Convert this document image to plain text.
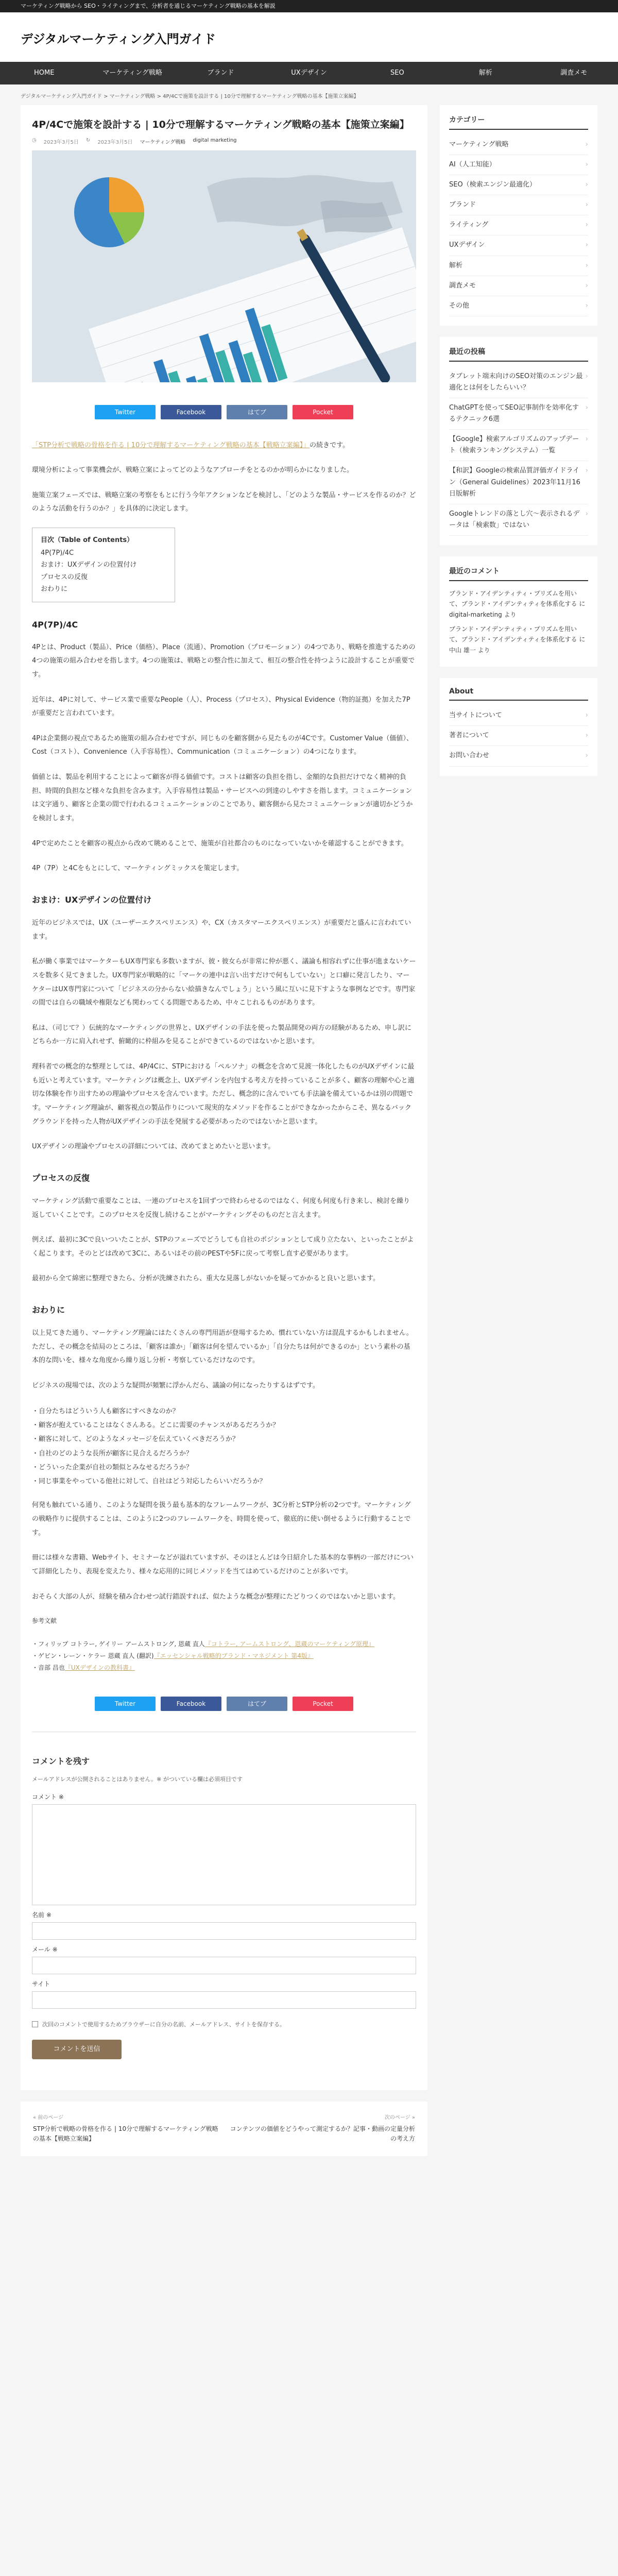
マーケティング戦略から SEO・ライティングまで、分析者を通じるマーケティング戦略の基本を解説
デジタルマーケティング入門ガイド
HOME	マーケティング戦略	ブランド	UXデザイン	SEO	解析	調査メモ
デジタルマーケティング入門ガイド > マーケティング戦略 > 4P/4Cで施策を設計する | 10分で理解するマーケティング戦略の基本【施策立案編】
4P/4Cで施策を設計する | 10分で理解するマーケティング戦略の基本【施策立案編】
◷ 2023年3月5日 ↻ 2023年3月5日 マーケティング戦略 digital marketing
Twitter	Facebook	はてブ	Pocket

「STP分析で戦略の骨格を作る | 10分で理解するマーケティング戦略の基本【戦略立案編】」の続きです。

環境分析によって事業機会が、戦略立案によってどのようなアプローチをとるのかが明らかになりました。

施策立案フェーズでは、戦略立案の考察をもとに行う今年アクションなどを検討し、「どのような製品・サービスを作るのか？どのような活動を行うのか？」を具体的に決定します。

目次（Table of Contents）
4P(7P)/4C
おまけ：UXデザインの位置付け
プロセスの反復
おわりに
4P(7P)/4C

4Pとは、Product（製品）、Price（価格）、Place（流通）、Promotion（プロモーション）の4つであり、戦略を推進するための4つの施策の組み合わせを指します。4つの施策は、戦略との整合性に加えて、相互の整合性を持つように設計することが重要です。

近年は、4Pに対して、サービス業で重要なPeople（人）、Process（プロセス）、Physical Evidence（物的証拠）を加えた7Pが重要だと言われています。

4Pは企業側の視点であるため施策の組み合わせですが、同じものを顧客側から見たものが4Cです。Customer Value（価値）、Cost（コスト）、Convenience（入手容易性）、Communication（コミュニケーション）の4つになります。

価値とは、製品を利用することによって顧客が得る価値です。コストは顧客の負担を指し、金額的な負担だけでなく精神的負担、時間的負担など様々な負担を含みます。入手容易性は製品・サービスへの到達のしやすさを指します。コミュニケーションは文字通り、顧客と企業の間で行われるコミュニケーションのことであり、顧客側から見たコミュニケーションが適切かどうかを検討します。

4Pで定めたことを顧客の視点から改めて眺めることで、施策が自社都合のものになっていないかを確認することができます。

4P（7P）と4Cをもとにして、マーケティングミックスを策定します。

おまけ：UXデザインの位置付け

近年のビジネスでは、UX（ユーザーエクスペリエンス）や、CX（カスタマーエクスペリエンス）が重要だと盛んに言われています。

私が働く事業ではマーケターもUX専門家も多数いますが、彼・彼女らが非常に仲が悪く、議論も相容れずに仕事が進まないケースを数多く見てきました。UX専門家が戦略的に「マーケの連中は言い出すだけで何もしていない」と口癖に発言したり、マーケターはUX専門家について「ビジネスの分からない絵描きなんでしょう」という風に互いに見下すような事例などです。専門家の間では自らの職域や権限なども関わってくる問題であるため、中々こじれるものがあります。

私は、（司じて？）伝統的なマーケティングの世界と、UXデザインの手法を使った製品開発の両方の経験があるため、申し訳にどちらか一方に肩入れせず、俯瞰的に枠組みを見ることができているのではないかと思います。

理科者での概念的な整理としては、4P/4Cに、STPにおける「ペルソナ」の概念を含めて見渡一体化したものがUXデザインに最も近いと考えています。マーケティングは概念上、UXデザインを内包する考え方を持っていることが多く、顧客の理解や心と適切な体験を作り出すための理論やプロセスを含んでいます。ただし、概念的に含んでいても手法論を備えているかは別の問題です。マーケティング理論が、顧客視点の製品作りについて現実的なメソッドを作ることができなかったからこそ、異なるバックグラウンドを持った人物がUXデザインの手法を発展する必要があったのではないかと思います。

UXデザインの理論やプロセスの詳細については、改めてまとめたいと思います。

プロセスの反復

マーケティング活動で重要なことは、一連のプロセスを1回ずつで終わらせるのではなく、何度も何度も行き来し、検討を繰り返していくことです。このプロセスを反復し続けることがマーケティングそのものだと言えます。

例えば、最初に3Cで良いついたことが、STPのフェーズでどうしても自社のポジションとして成り立たない、といったことがよく起こります。そのとどは改めて3Cに、あるいはその前のPESTや5Fに戻って考察し直す必要があります。

最初から全て綿密に整理できたら、分析が洗練されたら、重大な見落しがないかを疑ってかかると良いと思います。

おわりに

以上見てきた通り、マーケティング理論にはたくさんの専門用語が登場するため、慣れていない方は混乱するかもしれません。ただし、その概念を結局のところは、「顧客は誰か」「顧客は何を望んでいるか」「自分たちは何ができるのか」という素朴の基本的な問いを、様々な角度から繰り返し分析・考察しているだけなのです。

ビジネスの現場では、次のような疑問が頻繁に浮かんだら、議論の何になったりするはずです。

・ 自分たちはどういう人も顧客にすべきなのか？
・ 顧客が抱えていることはなくさんある。どこに需要のチャンスがあるだろうか？
・ 顧客に対して、どのようなメッセージを伝えていくべきだろうか？
・ 自社のどのような長所が顧客に見合えるだろうか？
・ どういった企業が自社の類似とみなせるだろうか？
・ 同じ事業をやっている他社に対して、自社はどう対応したらいいだろうか？

何発も触れている通り、このような疑問を扱う最も基本的なフレームワークが、3C分析とSTP分析の2つです。マーケティングの戦略作りに提供することは、このように2つのフレームワークを、時間を使って、徹底的に使い倒せるように行動することです。

冊には様々な書籍、Webサイト、セミナーなどが溢れていますが、そのほとんどは今日紹介した基本的な事柄の一部だけについて詳細化したり、表現を変えたり、様々な応用的に同じメソッドを当てはめているだけのことが多いです。

おそらく大部の人が、経験を積み合わせつ試行錯誤すれば、似たような概念が整理にたどりつくのではないかと思います。

参考文献

・フィリップ コトラー, ゲイリー アームストロング, 恩蔵 直人『コトラー, アームストロング、恩蔵のマーケティング原理』
・ゲビン・レーン・ケラー 恩蔵 直人 (翻訳)『エッセンシャル戦略的ブランド・マネジメント 第4版』
・音部 昌也『UXデザインの教科書』

Twitter	Facebook	はてブ	Pocket
コメントを残す
メールアドレスが公開されることはありません。※ がついている欄は必須項目です
コメント ※
名前 ※
メール ※
サイト
次回のコメントで使用するためブラウザーに自分の名前、メールアドレス、サイトを保存する。
コメントを送信
カテゴリー
マーケティング戦略	›
AI（人工知能）	›
SEO（検索エンジン最適化）	›
ブランド	›
ライティング	›
UXデザイン	›
解析	›
調査メモ	›
その他	›
最近の投稿
タブレット端末向けのSEO対策のエンジン最適化とは何をしたらいい？
›
ChatGPTを使ってSEO記事制作を効率化するテクニック6選
›
【Google】検索アルゴリズムのアップデート（検索ランキングシステム）一覧
›
【和訳】Googleの検索品質評価ガイドライン（General Guidelines）2023年11月16日版解析
›
Googleトレンドの落とし穴～表示されるデータは「検索数」ではない
›
最近のコメント
ブランド・アイデンティティ・プリズムを用いて、ブランド・アイデンティティを体系化する に digital-marketing より
ブランド・アイデンティティ・プリズムを用いて、ブランド・アイデンティティを体系化する に 中山 雄一 より
About
当サイトについて	›
著者について	›
お問い合わせ	›
« 前のページ
STP分析で戦略の骨格を作る | 10分で理解するマーケティング戦略の基本【戦略立案編】
次のページ »
コンテンツの価値をどうやって測定するか？記事・動画の定量分析の考え方
